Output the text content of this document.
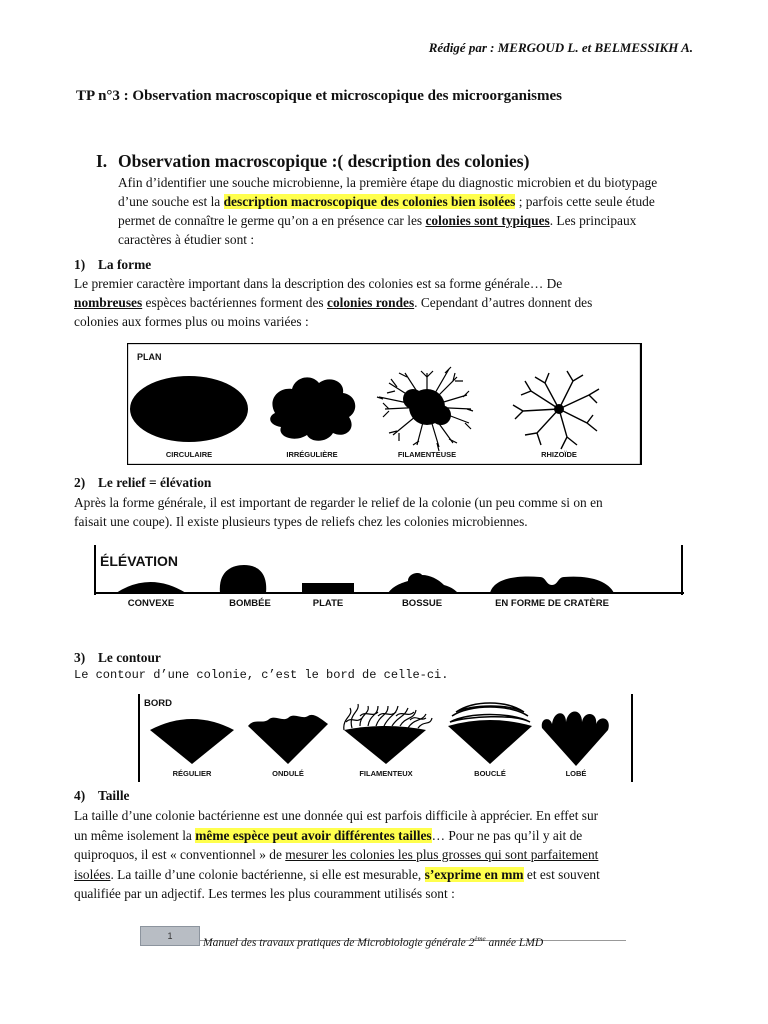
Rédigé par : MERGOUD L. et BELMESSIKH A.
TP n°3 : Observation macroscopique et microscopique des microorganismes
I. Observation macroscopique :( description des colonies)
Afin d’identifier une souche microbienne, la première étape du diagnostic microbien et du biotypage
d’une souche est la description macroscopique des colonies bien isolées ; parfois cette seule étude
permet de connaître le germe qu’on a en présence car les colonies sont typiques. Les principaux
caractères à étudier sont :
1) La forme
Le premier caractère important dans la description des colonies est sa forme générale… De
nombreuses espèces bactériennes forment des colonies rondes. Cependant d’autres donnent des
colonies aux formes plus ou moins variées :
PLAN
CIRCULAIRE	IRRÉGULIÈRE	FILAMENTEUSE	RHIZOÏDE
2) Le relief = élévation
Après la forme générale, il est important de regarder le relief de la colonie (un peu comme si on en
faisait une coupe). Il existe plusieurs types de reliefs chez les colonies microbiennes.
ÉLÉVATION
CONVEXE	BOMBÉE	PLATE	BOSSUE	EN FORME DE CRATÈRE
3) Le contour
Le contour d’une colonie, c’est le bord de celle-ci.
BORD
RÉGULIER	ONDULÉ	FILAMENTEUX	BOUCLÉ	LOBÉ
4) Taille
La taille d’une colonie bactérienne est une donnée qui est parfois difficile à apprécier. En effet sur
un même isolement la même espèce peut avoir différentes tailles… Pour ne pas qu’il y ait de
quiproquos, il est « conventionnel » de mesurer les colonies les plus grosses qui sont parfaitement
isolées. La taille d’une colonie bactérienne, si elle est mesurable, s’exprime en mm et est souvent
qualifiée par un adjectif. Les termes les plus couramment utilisés sont :
1
Manuel des travaux pratiques de Microbiologie générale 2ème année LMD
